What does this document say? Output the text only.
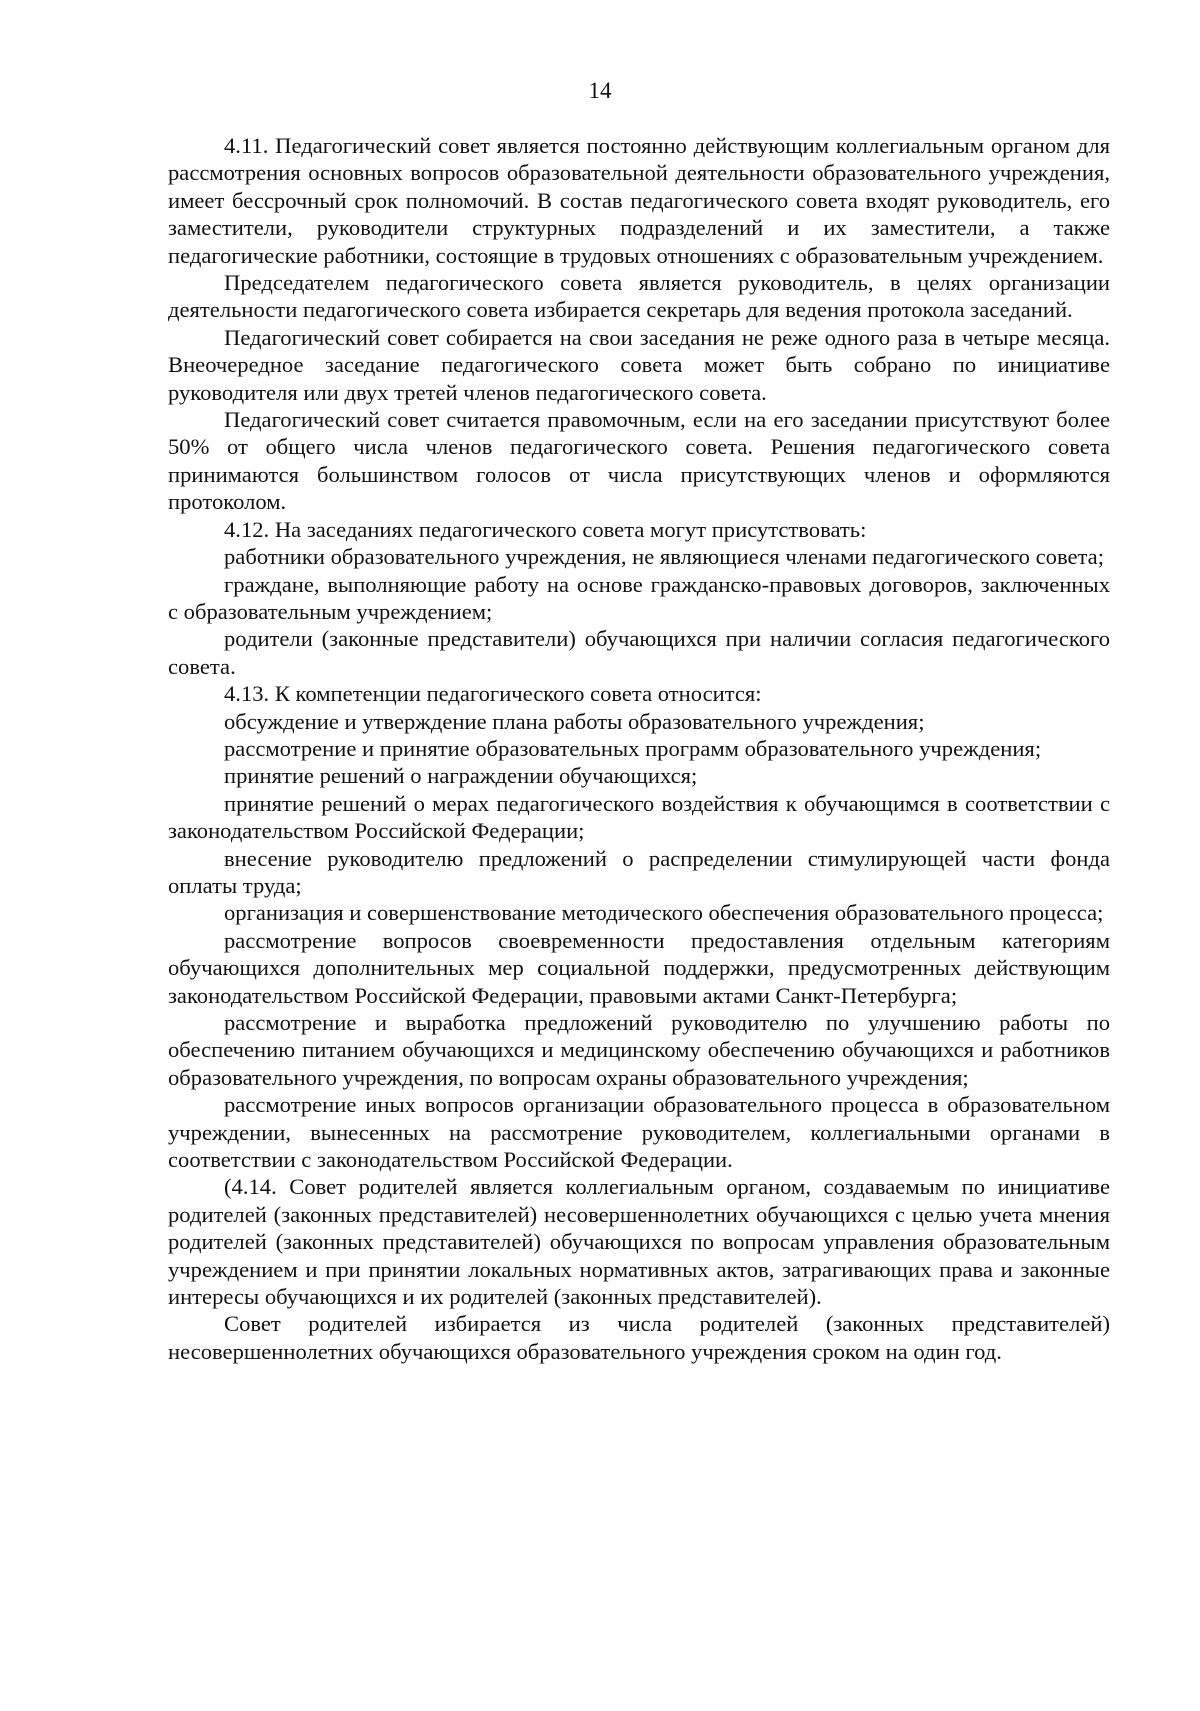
14

4.11. Педагогический совет является постоянно действующим коллегиальным органом для рассмотрения основных вопросов образовательной деятельности образовательного учреждения, имеет бессрочный срок полномочий. В состав педагогического совета входят руководитель, его заместители, руководители структурных подразделений и их заместители, а также педагогические работники, состоящие в трудовых отношениях с образовательным учреждением.

Председателем педагогического совета является руководитель, в целях организации деятельности педагогического совета избирается секретарь для ведения протокола заседаний.

Педагогический совет собирается на свои заседания не реже одного раза в четыре месяца. Внеочередное заседание педагогического совета может быть собрано по инициативе руководителя или двух третей членов педагогического совета.

Педагогический совет считается правомочным, если на его заседании присутствуют более 50% от общего числа членов педагогического совета. Решения педагогического совета принимаются большинством голосов от числа присутствующих членов и оформляются протоколом.

4.12. На заседаниях педагогического совета могут присутствовать:

работники образовательного учреждения, не являющиеся членами педагогического совета;

граждане, выполняющие работу на основе гражданско-правовых договоров, заключенных с образовательным учреждением;

родители (законные представители) обучающихся при наличии согласия педагогического совета.

4.13. К компетенции педагогического совета относится:

обсуждение и утверждение плана работы образовательного учреждения;

рассмотрение и принятие образовательных программ образовательного учреждения;

принятие решений о награждении обучающихся;

принятие решений о мерах педагогического воздействия к обучающимся в соответствии с законодательством Российской Федерации;

внесение руководителю предложений о распределении стимулирующей части фонда оплаты труда;

организация и совершенствование методического обеспечения образовательного процесса;

рассмотрение вопросов своевременности предоставления отдельным категориям обучающихся дополнительных мер социальной поддержки, предусмотренных действующим законодательством Российской Федерации, правовыми актами Санкт-Петербурга;

рассмотрение и выработка предложений руководителю по улучшению работы по обеспечению питанием обучающихся и медицинскому обеспечению обучающихся и работников образовательного учреждения, по вопросам охраны образовательного учреждения;

рассмотрение иных вопросов организации образовательного процесса в образовательном учреждении, вынесенных на рассмотрение руководителем, коллегиальными органами в соответствии с законодательством Российской Федерации.

(4.14. Совет родителей является коллегиальным органом, создаваемым по инициативе родителей (законных представителей) несовершеннолетних обучающихся с целью учета мнения родителей (законных представителей) обучающихся по вопросам управления образовательным учреждением и при принятии локальных нормативных актов, затрагивающих права и законные интересы обучающихся и их родителей (законных представителей).

Совет родителей избирается из числа родителей (законных представителей) несовершеннолетних обучающихся образовательного учреждения сроком на один год.
